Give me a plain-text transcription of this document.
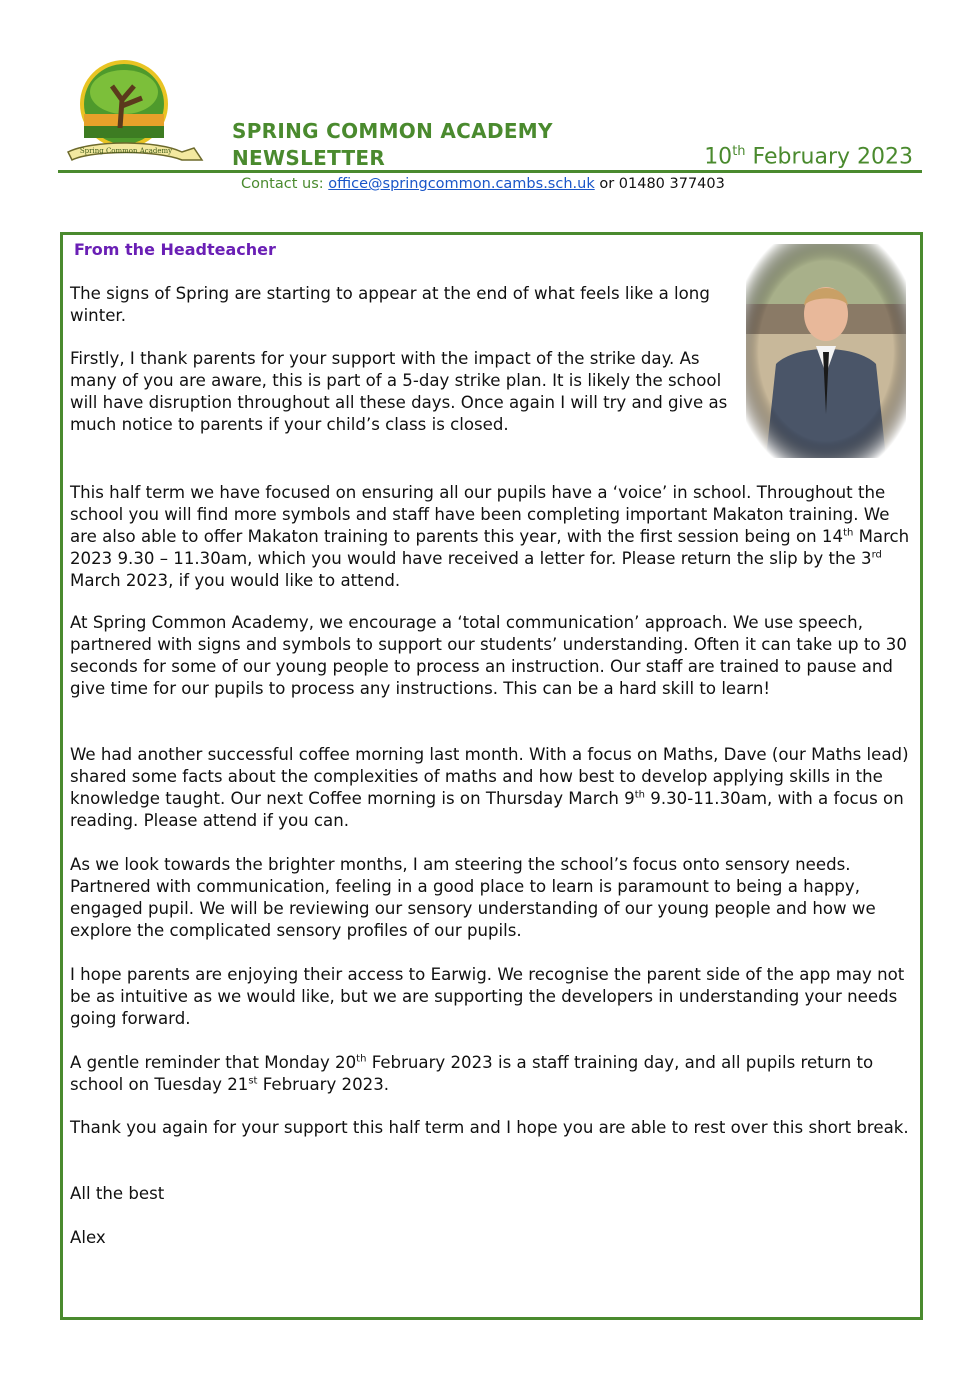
Spring Common Academy
SPRING COMMON ACADEMY
NEWSLETTER	10th February 2023
Contact us: office@springcommon.cambs.sch.uk or 01480 377403
From the Headteacher

The signs of Spring are starting to appear at the end of what feels like a long winter.

Firstly, I thank parents for your support with the impact of the strike day. As many of you are aware, this is part of a 5-day strike plan. It is likely the school will have disruption throughout all these days. Once again I will try and give as much notice to parents if your child’s class is closed.

This half term we have focused on ensuring all our pupils have a ‘voice’ in school. Throughout the school you will find more symbols and staff have been completing important Makaton training. We are also able to offer Makaton training to parents this year, with the first session being on 14th March 2023 9.30 – 11.30am, which you would have received a letter for. Please return the slip by the 3rd March 2023, if you would like to attend.

At Spring Common Academy, we encourage a ‘total communication’ approach. We use speech, partnered with signs and symbols to support our students’ understanding. Often it can take up to 30 seconds for some of our young people to process an instruction. Our staff are trained to pause and give time for our pupils to process any instructions. This can be a hard skill to learn!

We had another successful coffee morning last month. With a focus on Maths, Dave (our Maths lead) shared some facts about the complexities of maths and how best to develop applying skills in the knowledge taught. Our next Coffee morning is on Thursday March 9th 9.30-11.30am, with a focus on reading. Please attend if you can.

As we look towards the brighter months, I am steering the school’s focus onto sensory needs. Partnered with communication, feeling in a good place to learn is paramount to being a happy, engaged pupil. We will be reviewing our sensory understanding of our young people and how we explore the complicated sensory profiles of our pupils.

I hope parents are enjoying their access to Earwig. We recognise the parent side of the app may not be as intuitive as we would like, but we are supporting the developers in understanding your needs going forward.

A gentle reminder that Monday 20th February 2023 is a staff training day, and all pupils return to school on Tuesday 21st February 2023.

Thank you again for your support this half term and I hope you are able to rest over this short break.

All the best

Alex
